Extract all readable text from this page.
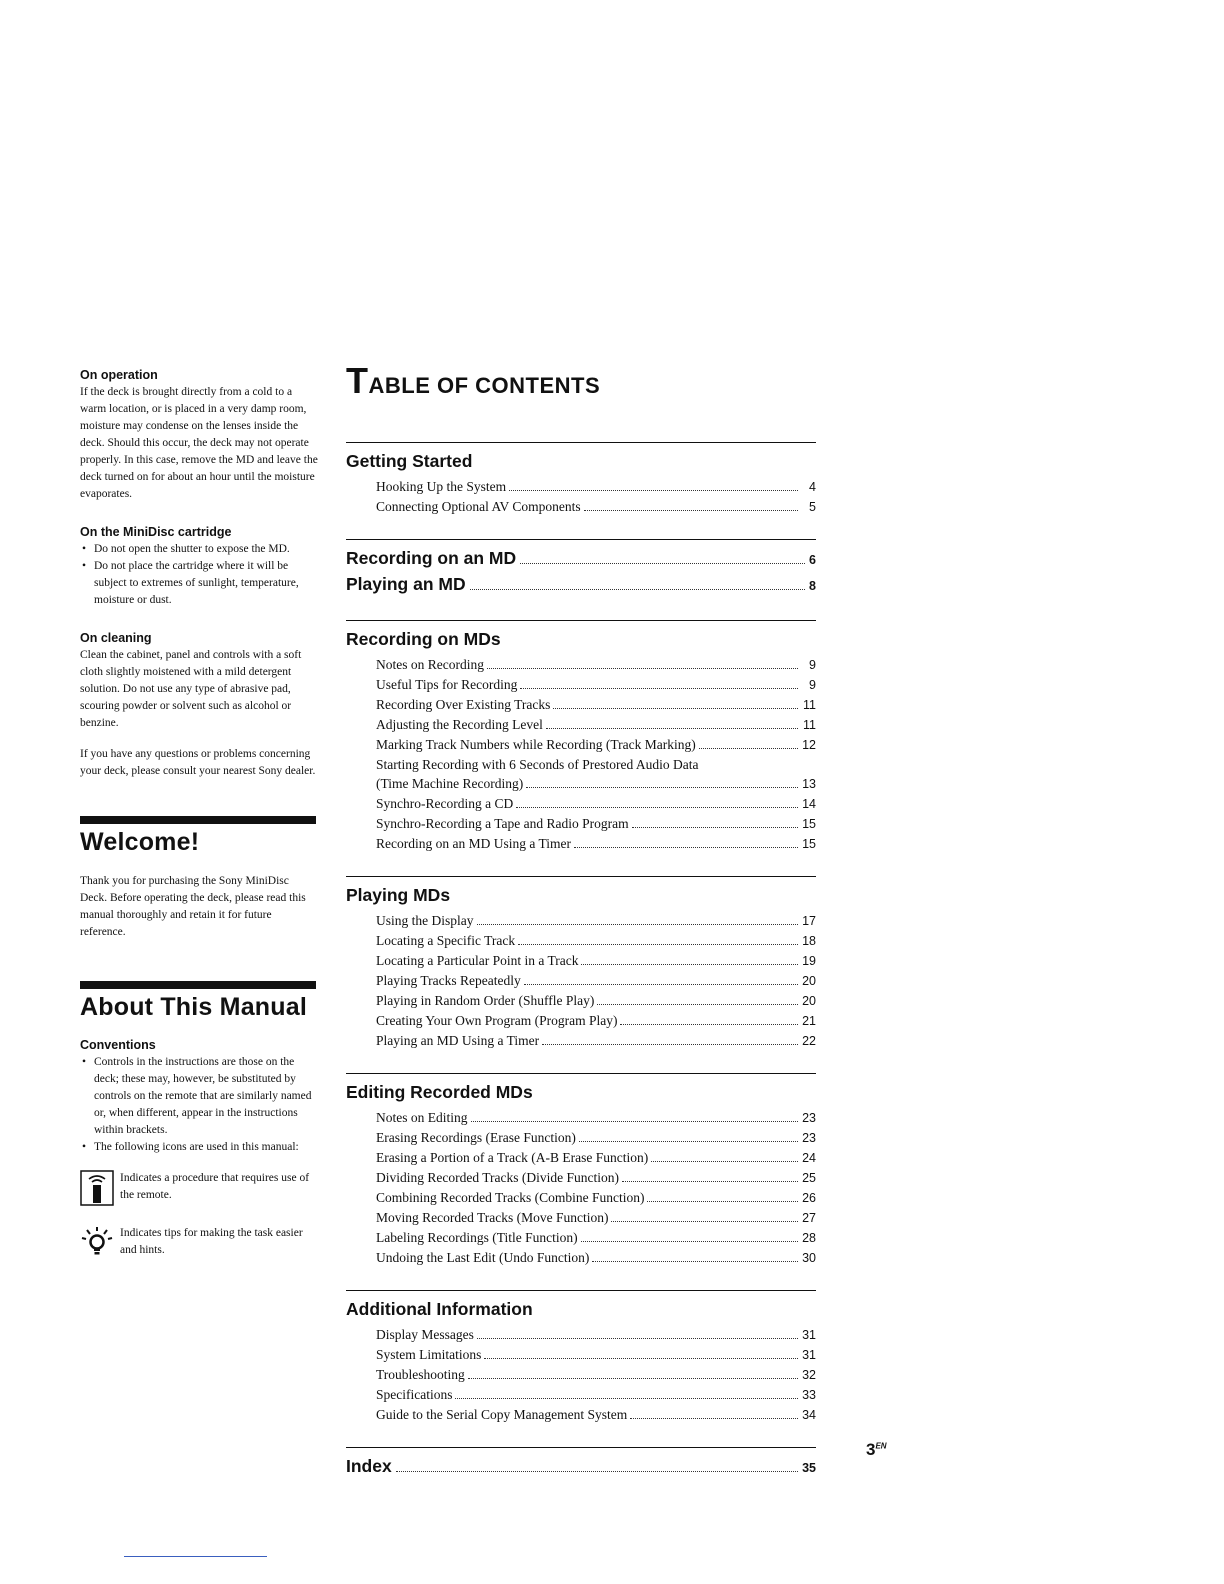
On operation

If the deck is brought directly from a cold to a warm location, or is placed in a very damp room, moisture may condense on the lenses inside the deck. Should this occur, the deck may not operate properly. In this case, remove the MD and leave the deck turned on for about an hour until the moisture evaporates.

On the MiniDisc cartridge
• Do not open the shutter to expose the MD.
• Do not place the cartridge where it will be subject to extremes of sunlight, temperature, moisture or dust.
On cleaning

Clean the cabinet, panel and controls with a soft cloth slightly moistened with a mild detergent solution. Do not use any type of abrasive pad, scouring powder or solvent such as alcohol or benzine.

If you have any questions or problems concerning your deck, please consult your nearest Sony dealer.

Welcome!

Thank you for purchasing the Sony MiniDisc Deck. Before operating the deck, please read this manual thoroughly and retain it for future reference.

About This Manual
Conventions
• Controls in the instructions are those on the deck; these may, however, be substituted by controls on the remote that are similarly named or, when different, appear in the instructions within brackets.
• The following icons are used in this manual:
Indicates a procedure that requires use of the remote.
Indicates tips for making the task easier and hints.
TABLE OF CONTENTS
Getting Started
Hooking Up the System	4
Connecting Optional AV Components	5
Recording on an MD	6
Playing an MD	8
Recording on MDs
Notes on Recording	9
Useful Tips for Recording	9
Recording Over Existing Tracks	11
Adjusting the Recording Level	11
Marking Track Numbers while Recording (Track Marking)	12
Starting Recording with 6 Seconds of Prestored Audio Data
(Time Machine Recording)	13
Synchro-Recording a CD	14
Synchro-Recording a Tape and Radio Program	15
Recording on an MD Using a Timer	15
Playing MDs
Using the Display	17
Locating a Specific Track	18
Locating a Particular Point in a Track	19
Playing Tracks Repeatedly	20
Playing in Random Order (Shuffle Play)	20
Creating Your Own Program (Program Play)	21
Playing an MD Using a Timer	22
Editing Recorded MDs
Notes on Editing	23
Erasing Recordings (Erase Function)	23
Erasing a Portion of a Track (A-B Erase Function)	24
Dividing Recorded Tracks (Divide Function)	25
Combining Recorded Tracks (Combine Function)	26
Moving Recorded Tracks (Move Function)	27
Labeling Recordings (Title Function)	28
Undoing the Last Edit (Undo Function)	30
Additional Information
Display Messages	31
System Limitations	31
Troubleshooting	32
Specifications	33
Guide to the Serial Copy Management System	34
Index	35
$3^{EN}$
